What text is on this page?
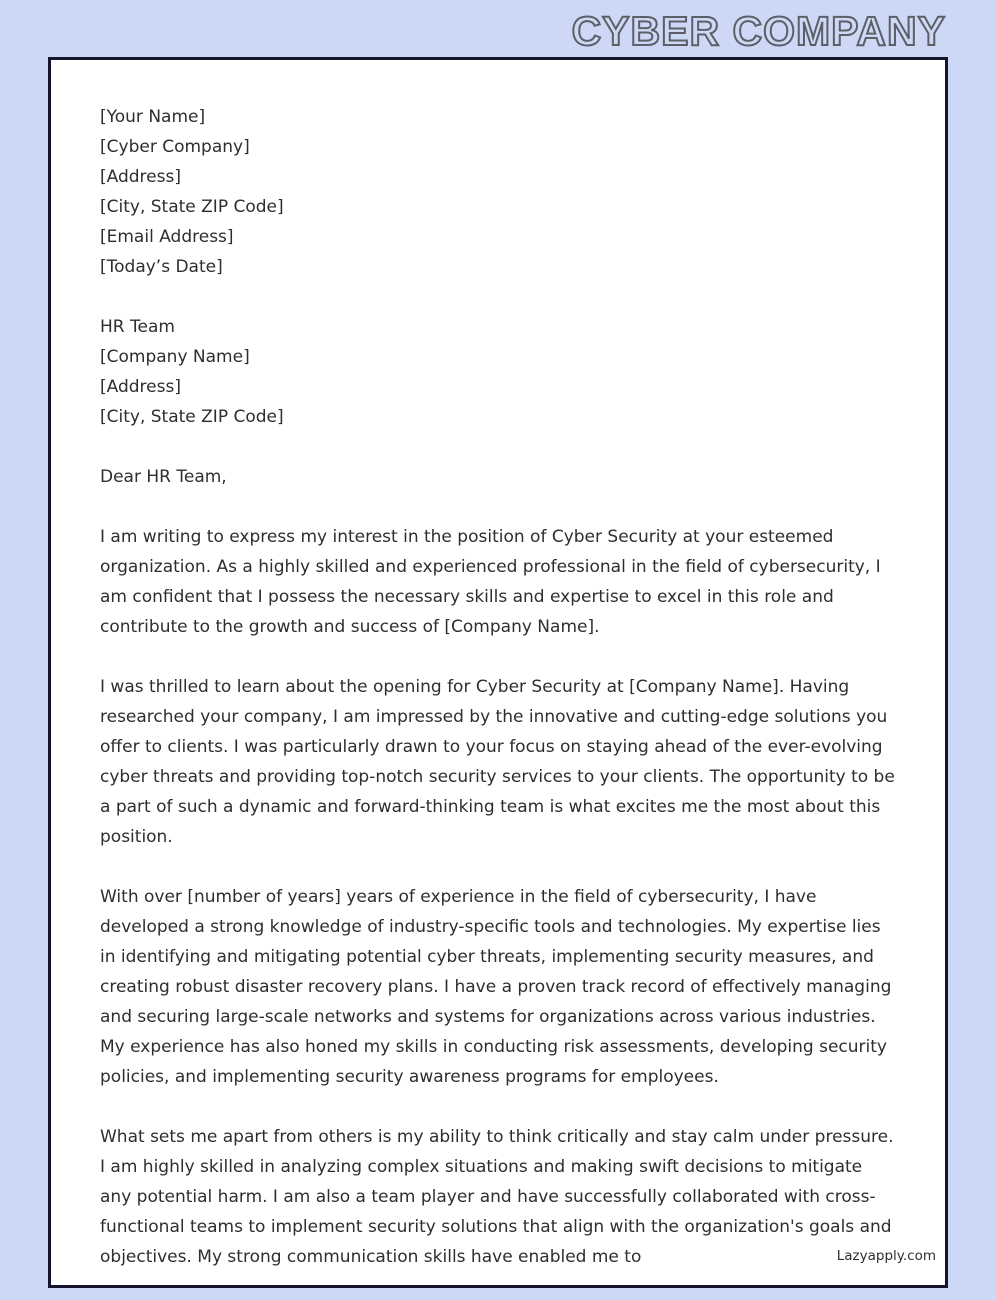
CYBER COMPANY

[Your Name]

[Cyber Company]

[Address]

[City, State ZIP Code]

[Email Address]

[Today’s Date]

HR Team

[Company Name]

[Address]

[City, State ZIP Code]

Dear HR Team,

I am writing to express my interest in the position of Cyber Security at your esteemed organization. As a highly skilled and experienced professional in the field of cybersecurity, I am confident that I possess the necessary skills and expertise to excel in this role and contribute to the growth and success of [Company Name].

I was thrilled to learn about the opening for Cyber Security at [Company Name]. Having researched your company, I am impressed by the innovative and cutting-edge solutions you offer to clients. I was particularly drawn to your focus on staying ahead of the ever-evolving cyber threats and providing top-notch security services to your clients. The opportunity to be a part of such a dynamic and forward-thinking team is what excites me the most about this position.

With over [number of years] years of experience in the field of cybersecurity, I have developed a strong knowledge of industry-specific tools and technologies. My expertise lies in identifying and mitigating potential cyber threats, implementing security measures, and creating robust disaster recovery plans. I have a proven track record of effectively managing and securing large-scale networks and systems for organizations across various industries. My experience has also honed my skills in conducting risk assessments, developing security policies, and implementing security awareness programs for employees.

What sets me apart from others is my ability to think critically and stay calm under pressure. I am highly skilled in analyzing complex situations and making swift decisions to mitigate any potential harm. I am also a team player and have successfully collaborated with cross-functional teams to implement security solutions that align with the organization's goals and objectives. My strong communication skills have enabled me to	Lazyapply.com
